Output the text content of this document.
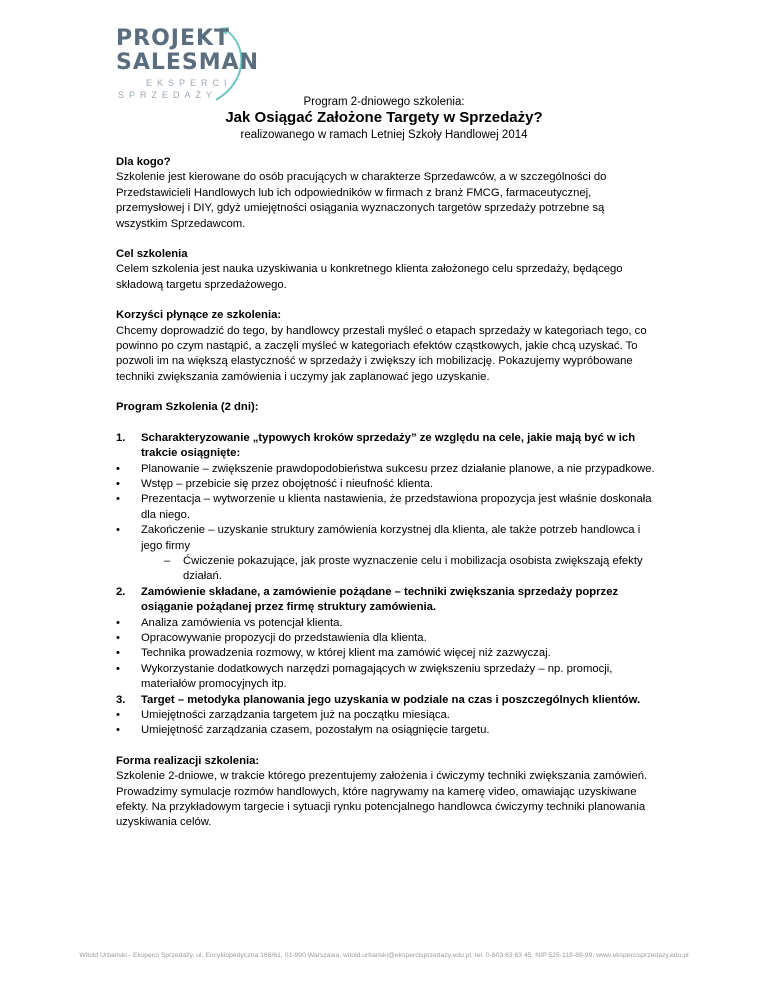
PROJEKT
SALESMAN
EKSPERCI
SPRZEDAŻY
Program 2-dniowego szkolenia:
Jak Osiągać Założone Targety w Sprzedaży?
realizowanego w ramach Letniej Szkoły Handlowej 2014
Dla kogo?

Szkolenie jest kierowane do osób pracujących w charakterze Sprzedawców, a w szczególności do Przedstawicieli Handlowych lub ich odpowiedników w firmach z branż FMCG, farmaceutycznej, przemysłowej i DIY, gdyż umiejętności osiągania wyznaczonych targetów sprzedaży potrzebne są wszystkim Sprzedawcom.

Cel szkolenia

Celem szkolenia jest nauka uzyskiwania u konkretnego klienta założonego celu sprzedaży, będącego składową targetu sprzedażowego.

Korzyści płynące ze szkolenia:

Chcemy doprowadzić do tego, by handlowcy przestali myśleć o etapach sprzedaży w kategoriach tego, co powinno po czym nastąpić, a zaczęli myśleć w kategoriach efektów cząstkowych, jakie chcą uzyskać. To pozwoli im na większą elastyczność w sprzedaży i zwiększy ich mobilizację. Pokazujemy wypróbowane techniki zwiększania zamówienia i uczymy jak zaplanować jego uzyskanie.

Program Szkolenia (2 dni):
1. Scharakteryzowanie „typowych kroków sprzedaży” ze względu na cele, jakie mają być w ich trakcie osiągnięte:
• Planowanie – zwiększenie prawdopodobieństwa sukcesu przez działanie planowe, a nie przypadkowe.
• Wstęp – przebicie się przez obojętność i nieufność klienta.
• Prezentacja – wytworzenie u klienta nastawienia, że przedstawiona propozycja jest właśnie doskonała dla niego.
• Zakończenie – uzyskanie struktury zamówienia korzystnej dla klienta, ale także potrzeb handlowca i jego firmy
– Ćwiczenie pokazujące, jak proste wyznaczenie celu i mobilizacja osobista zwiększają efekty działań.
2. Zamówienie składane, a zamówienie pożądane – techniki zwiększania sprzedaży poprzez osiąganie pożądanej przez firmę struktury zamówienia.
• Analiza zamówienia vs potencjał klienta.
• Opracowywanie propozycji do przedstawienia dla klienta.
• Technika prowadzenia rozmowy, w której klient ma zamówić więcej niż zazwyczaj.
• Wykorzystanie dodatkowych narzędzi pomagających w zwiększeniu sprzedaży – np. promocji, materiałów promocyjnych itp.
3. Target – metodyka planowania jego uzyskania w podziale na czas i poszczególnych klientów.
• Umiejętności zarządzania targetem już na początku miesiąca.
• Umiejętność zarządzania czasem, pozostałym na osiągnięcie targetu.
Forma realizacji szkolenia:

Szkolenie 2-dniowe, w trakcie którego prezentujemy założenia i ćwiczymy techniki zwiększania zamówień. Prowadzimy symulacje rozmów handlowych, które nagrywamy na kamerę video, omawiając uzyskiwane efekty. Na przykładowym targecie i sytuacji rynku potencjalnego handlowca ćwiczymy techniki planowania uzyskiwania celów.

Witold Urbański - Eksperci Sprzedaży, ul. Encyklopedyczna 168/61, 01-990 Warszawa, witold.urbanski@ekspercisprzedazy.edu.pl, tel. 0-603 63 63 45, NIP 525-119-89-99, www.ekspercisprzedazy.edu.pl
